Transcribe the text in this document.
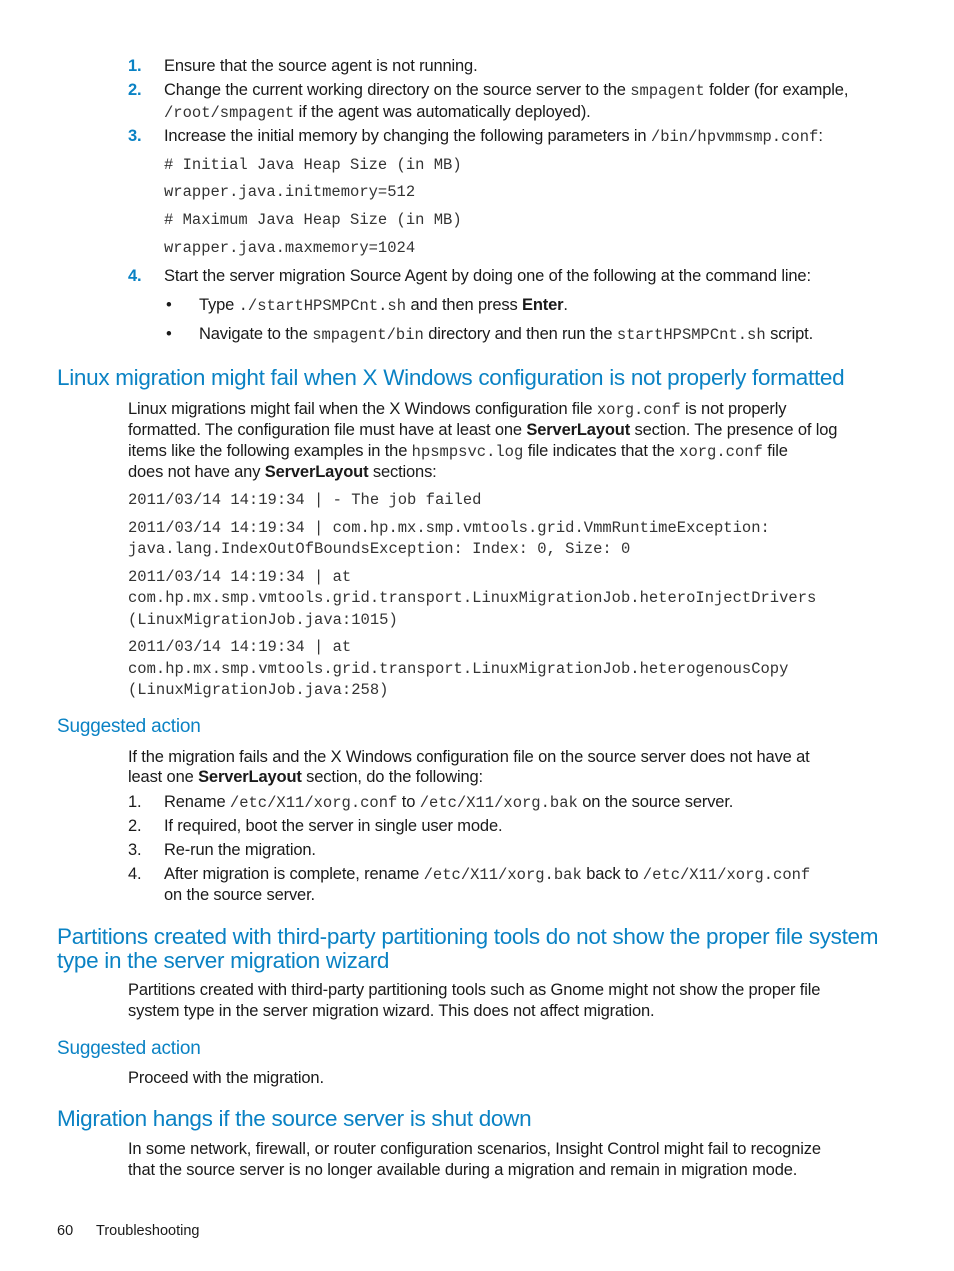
1. Ensure that the source agent is not running.
2. Change the current working directory on the source server to the smpagent folder (for example,
/root/smpagent if the agent was automatically deployed).
3. Increase the initial memory by changing the following parameters in /bin/hpvmmsmp.conf:
# Initial Java Heap Size (in MB)
wrapper.java.initmemory=512
# Maximum Java Heap Size (in MB)
wrapper.java.maxmemory=1024
4. Start the server migration Source Agent by doing one of the following at the command line:
• Type ./startHPSMPCnt.sh and then press Enter.
• Navigate to the smpagent/bin directory and then run the startHPSMPCnt.sh script.
Linux migration might fail when X Windows configuration is not properly formatted
Linux migrations might fail when the X Windows configuration file xorg.conf is not properly
formatted. The configuration file must have at least one ServerLayout section. The presence of log
items like the following examples in the hpsmpsvc.log file indicates that the xorg.conf file
does not have any ServerLayout sections:
2011/03/14 14:19:34 | - The job failed
2011/03/14 14:19:34 | com.hp.mx.smp.vmtools.grid.VmmRuntimeException:
java.lang.IndexOutOfBoundsException: Index: 0, Size: 0
2011/03/14 14:19:34 | at
com.hp.mx.smp.vmtools.grid.transport.LinuxMigrationJob.heteroInjectDrivers
(LinuxMigrationJob.java:1015)
2011/03/14 14:19:34 | at
com.hp.mx.smp.vmtools.grid.transport.LinuxMigrationJob.heterogenousCopy
(LinuxMigrationJob.java:258)
Suggested action
If the migration fails and the X Windows configuration file on the source server does not have at
least one ServerLayout section, do the following:
1. Rename /etc/X11/xorg.conf to /etc/X11/xorg.bak on the source server.
2. If required, boot the server in single user mode.
3. Re-run the migration.
4. After migration is complete, rename /etc/X11/xorg.bak back to /etc/X11/xorg.conf
on the source server.
Partitions created with third-party partitioning tools do not show the proper file system
type in the server migration wizard
Partitions created with third-party partitioning tools such as Gnome might not show the proper file
system type in the server migration wizard. This does not affect migration.
Suggested action
Proceed with the migration.
Migration hangs if the source server is shut down
In some network, firewall, or router configuration scenarios, Insight Control might fail to recognize
that the source server is no longer available during a migration and remain in migration mode.
60 Troubleshooting
